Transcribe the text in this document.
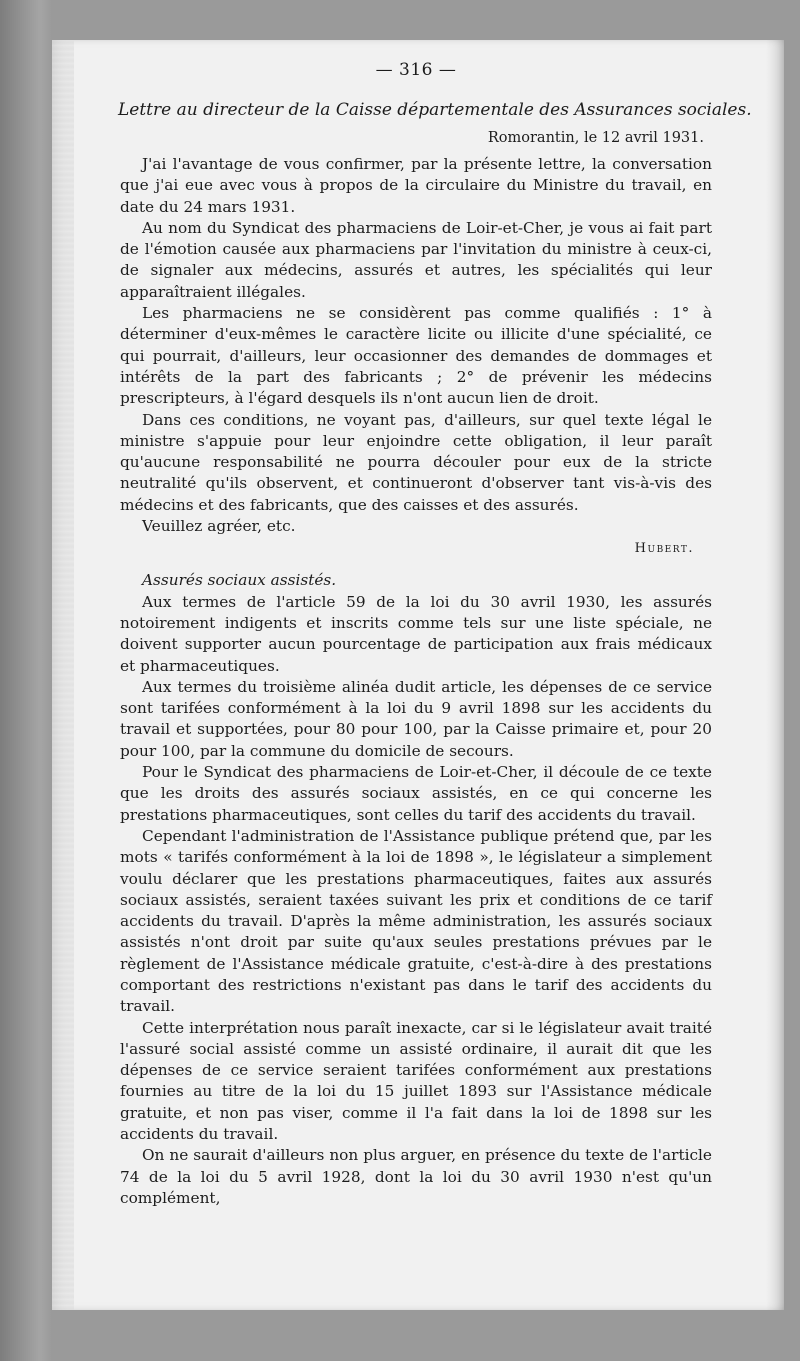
— 316 —
Lettre au directeur de la Caisse départementale des Assurances sociales.
Romorantin, le 12 avril 1931.

J'ai l'avantage de vous confirmer, par la présente lettre, la conversation que j'ai eue avec vous à propos de la circulaire du Ministre du travail, en date du 24 mars 1931.

Au nom du Syndicat des pharmaciens de Loir-et-Cher, je vous ai fait part de l'émotion causée aux pharmaciens par l'invitation du ministre à ceux-ci, de signaler aux médecins, assurés et autres, les spécialités qui leur apparaîtraient illégales.

Les pharmaciens ne se considèrent pas comme qualifiés : 1° à déterminer d'eux-mêmes le caractère licite ou illicite d'une spécialité, ce qui pourrait, d'ailleurs, leur occasionner des demandes de dommages et intérêts de la part des fabricants ; 2° de prévenir les médecins prescripteurs, à l'égard desquels ils n'ont aucun lien de droit.

Dans ces conditions, ne voyant pas, d'ailleurs, sur quel texte légal le ministre s'appuie pour leur enjoindre cette obligation, il leur paraît qu'aucune responsabilité ne pourra découler pour eux de la stricte neutralité qu'ils observent, et continueront d'observer tant vis-à-vis des médecins et des fabricants, que des caisses et des assurés.

Veuillez agréer, etc.

Hubert.
Assurés sociaux assistés.

Aux termes de l'article 59 de la loi du 30 avril 1930, les assurés notoirement indigents et inscrits comme tels sur une liste spéciale, ne doivent supporter aucun pourcentage de participation aux frais médicaux et pharmaceutiques.

Aux termes du troisième alinéa dudit article, les dépenses de ce service sont tarifées conformément à la loi du 9 avril 1898 sur les accidents du travail et supportées, pour 80 pour 100, par la Caisse primaire et, pour 20 pour 100, par la commune du domicile de secours.

Pour le Syndicat des pharmaciens de Loir-et-Cher, il découle de ce texte que les droits des assurés sociaux assistés, en ce qui concerne les prestations pharmaceutiques, sont celles du tarif des accidents du travail.

Cependant l'administration de l'Assistance publique prétend que, par les mots « tarifés conformément à la loi de 1898 », le législateur a simplement voulu déclarer que les prestations pharmaceutiques, faites aux assurés sociaux assistés, seraient taxées suivant les prix et conditions de ce tarif accidents du travail. D'après la même administration, les assurés sociaux assistés n'ont droit par suite qu'aux seules prestations prévues par le règlement de l'Assistance médicale gratuite, c'est-à-dire à des prestations comportant des restrictions n'existant pas dans le tarif des accidents du travail.

Cette interprétation nous paraît inexacte, car si le législateur avait traité l'assuré social assisté comme un assisté ordinaire, il aurait dit que les dépenses de ce service seraient tarifées conformément aux prestations fournies au titre de la loi du 15 juillet 1893 sur l'Assistance médicale gratuite, et non pas viser, comme il l'a fait dans la loi de 1898 sur les accidents du travail.

On ne saurait d'ailleurs non plus arguer, en présence du texte de l'article 74 de la loi du 5 avril 1928, dont la loi du 30 avril 1930 n'est qu'un complément,
